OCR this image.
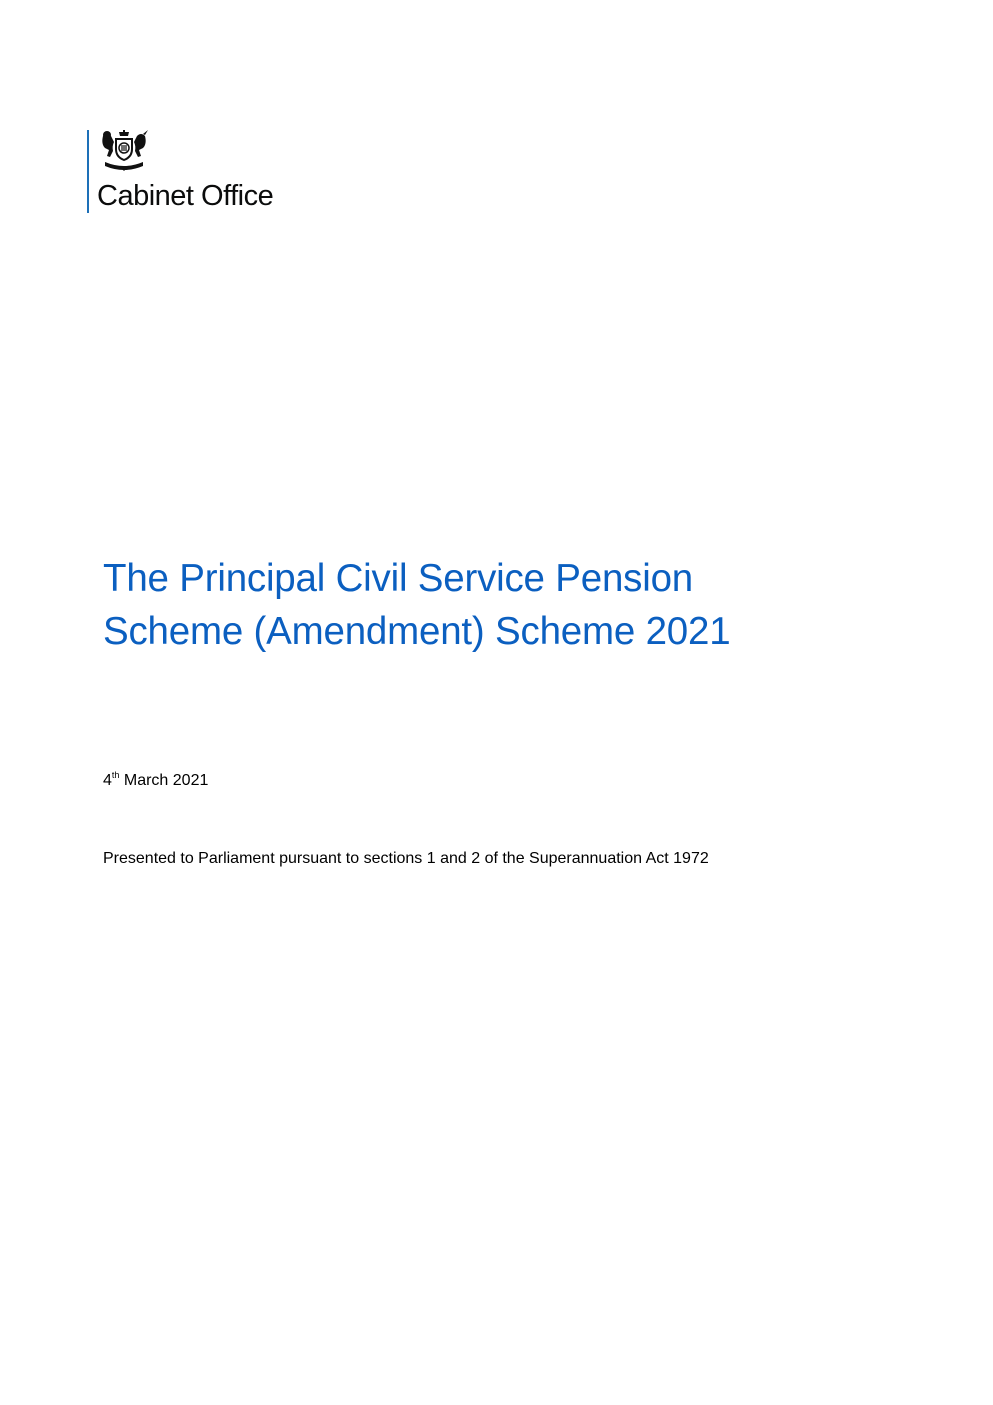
Cabinet Office
The Principal Civil Service Pension
Scheme (Amendment) Scheme 2021
4th March 2021
Presented to Parliament pursuant to sections 1 and 2 of the Superannuation Act 1972
